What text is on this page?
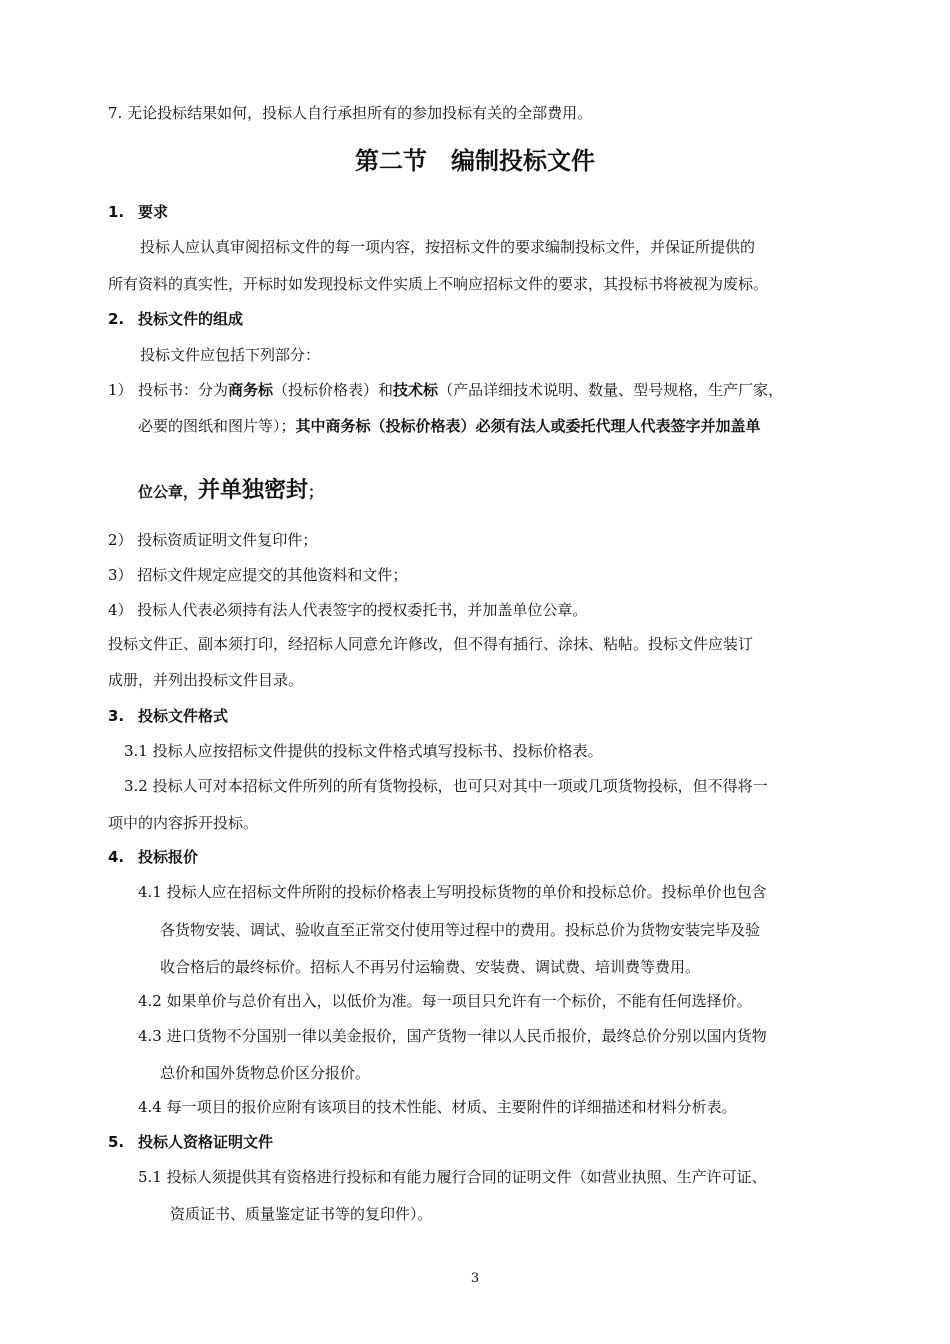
7. 无论投标结果如何，投标人自行承担所有的参加投标有关的全部费用。
第二节　编制投标文件
1. 要求
投标人应认真审阅招标文件的每一项内容，按招标文件的要求编制投标文件，并保证所提供的
所有资料的真实性，开标时如发现投标文件实质上不响应招标文件的要求，其投标书将被视为废标。
2. 投标文件的组成
投标文件应包括下列部分：
1） 投标书：分为商务标（投标价格表）和技术标（产品详细技术说明、数量、型号规格，生产厂家，
必要的图纸和图片等）；其中商务标（投标价格表）必须有法人或委托代理人代表签字并加盖单
位公章，并单独密封；
2） 投标资质证明文件复印件；
3） 招标文件规定应提交的其他资料和文件；
4） 投标人代表必须持有法人代表签字的授权委托书，并加盖单位公章。
投标文件正、副本须打印，经招标人同意允许修改，但不得有插行、涂抹、粘帖。投标文件应装订
成册，并列出投标文件目录。
3. 投标文件格式
3.1 投标人应按招标文件提供的投标文件格式填写投标书、投标价格表。
3.2 投标人可对本招标文件所列的所有货物投标，也可只对其中一项或几项货物投标，但不得将一
项中的内容拆开投标。
4. 投标报价
4.1 投标人应在招标文件所附的投标价格表上写明投标货物的单价和投标总价。投标单价也包含
各货物安装、调试、验收直至正常交付使用等过程中的费用。投标总价为货物安装完毕及验
收合格后的最终标价。招标人不再另付运输费、安装费、调试费、培训费等费用。
4.2 如果单价与总价有出入，以低价为准。每一项目只允许有一个标价，不能有任何选择价。
4.3 进口货物不分国别一律以美金报价，国产货物一律以人民币报价，最终总价分别以国内货物
总价和国外货物总价区分报价。
4.4 每一项目的报价应附有该项目的技术性能、材质、主要附件的详细描述和材料分析表。
5. 投标人资格证明文件
5.1 投标人须提供其有资格进行投标和有能力履行合同的证明文件（如营业执照、生产许可证、
资质证书、质量鉴定证书等的复印件）。
3
